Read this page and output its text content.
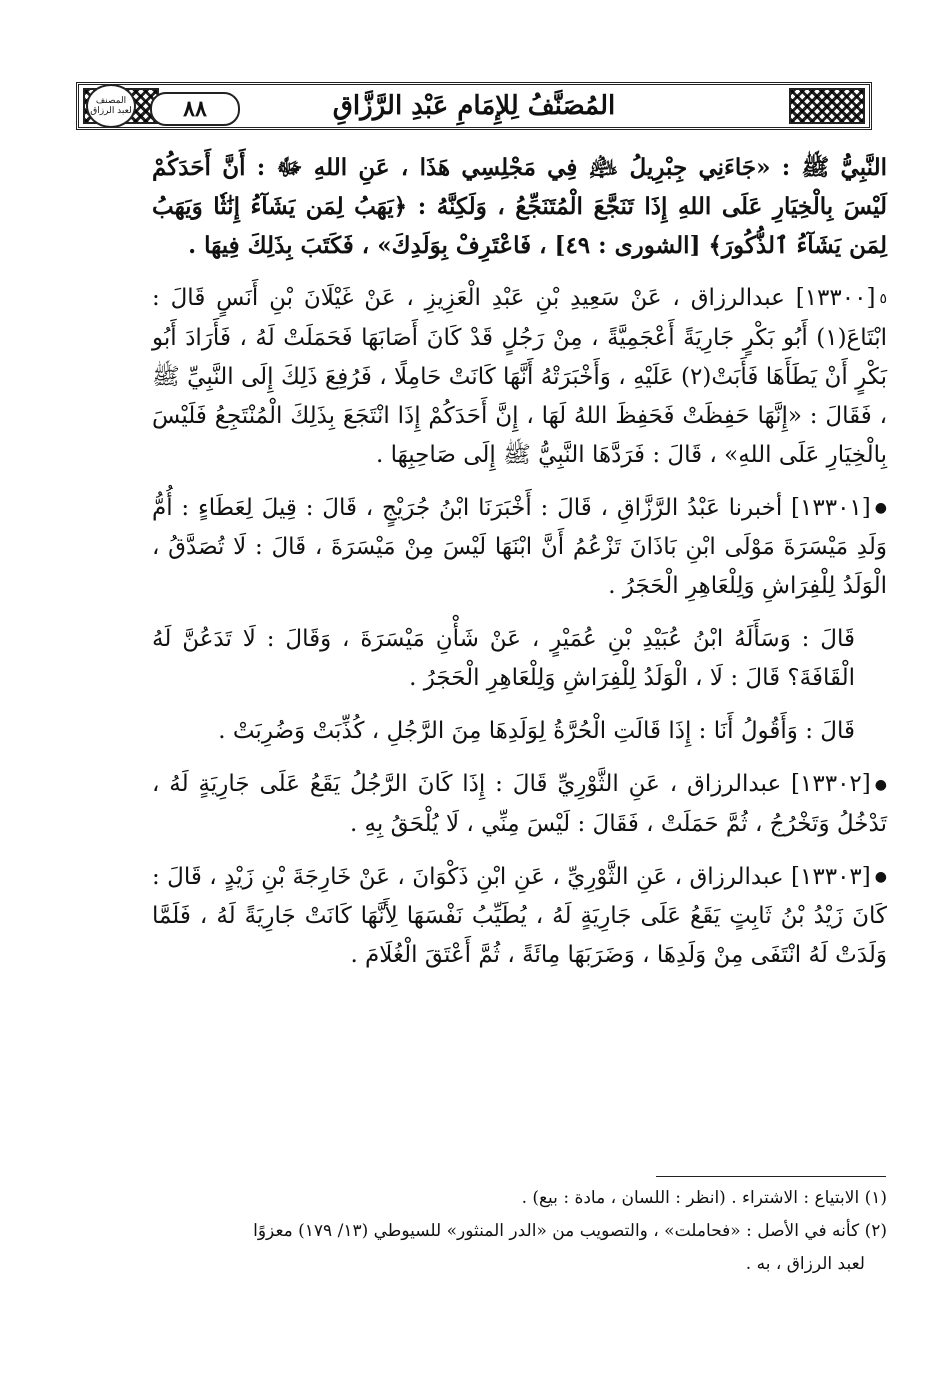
المُصَنَّفُ لِلإِمَامِ عَبْدِ الرَّزَّاقِ
المصنف لعبد الرزاق	٨٨

النَّبِيُّ ﷺ : «جَاءَنِي جِبْرِيلُ ﵇ فِي مَجْلِسِي هَذَا ، عَنِ اللهِ ﷻ : أَنَّ أَحَدَكُمْ لَيْسَ بِالْخِيَارِ عَلَى اللهِ إِذَا تَنَجَّعَ الْمُتَنَجِّعُ ، وَلَكِنَّهُ : ﴿يَهَبُ لِمَن يَشَآءُ إِنَٰثٗا وَيَهَبُ لِمَن يَشَآءُ ٱلذُّكُورَ﴾ [الشورى : ٤٩] ، فَاعْتَرِفْ بِوَلَدِكَ» ، فَكَتَبَ بِذَلِكَ فِيهَا .

٥[١٣٣٠٠] عبدالرزاق ، عَنْ سَعِيدِ بْنِ عَبْدِ الْعَزِيزِ ، عَنْ غَيْلَانَ بْنِ أَنَسٍ قَالَ : ابْتَاعَ(١) أَبُو بَكْرٍ جَارِيَةً أَعْجَمِيَّةً ، مِنْ رَجُلٍ قَدْ كَانَ أَصَابَهَا فَحَمَلَتْ لَهُ ، فَأَرَادَ أَبُو بَكْرٍ أَنْ يَطَأَهَا فَأَبَتْ(٢) عَلَيْهِ ، وَأَخْبَرَتْهُ أَنَّهَا كَانَتْ حَامِلًا ، فَرُفِعَ ذَلِكَ إِلَى النَّبِيِّ ﷺ ، فَقَالَ : «إِنَّهَا حَفِظَتْ فَحَفِظَ اللهُ لَهَا ، إِنَّ أَحَدَكُمْ إِذَا انْتَجَعَ بِذَلِكَ الْمُنْتَجِعُ فَلَيْسَ بِالْخِيَارِ عَلَى اللهِ» ، قَالَ : فَرَدَّهَا النَّبِيُّ ﷺ إِلَى صَاحِبِهَا .

●[١٣٣٠١] أخبرنا عَبْدُ الرَّزَّاقِ ، قَالَ : أَخْبَرَنَا ابْنُ جُرَيْجٍ ، قَالَ : قِيلَ لِعَطَاءٍ : أُمُّ وَلَدِ مَيْسَرَةَ مَوْلَى ابْنِ بَاذَانَ تَزْعُمُ أَنَّ ابْنَهَا لَيْسَ مِنْ مَيْسَرَةَ ، قَالَ : لَا تُصَدَّقُ ، الْوَلَدُ لِلْفِرَاشِ وَلِلْعَاهِرِ الْحَجَرُ .

قَالَ : وَسَأَلَهُ ابْنُ عُبَيْدِ بْنِ عُمَيْرٍ ، عَنْ شَأْنِ مَيْسَرَةَ ، وَقَالَ : لَا تَدَعُنَّ لَهُ الْقَافَةَ؟ قَالَ : لَا ، الْوَلَدُ لِلْفِرَاشِ وَلِلْعَاهِرِ الْحَجَرُ .

قَالَ : وَأَقُولُ أَنَا : إِذَا قَالَتِ الْحُرَّةُ لِوَلَدِهَا مِنَ الرَّجُلِ ، كُذِّبَتْ وَضُرِبَتْ .

●[١٣٣٠٢] عبدالرزاق ، عَنِ الثَّوْرِيِّ قَالَ : إِذَا كَانَ الرَّجُلُ يَقَعُ عَلَى جَارِيَةٍ لَهُ ، تَدْخُلُ وَتَخْرُجُ ، ثُمَّ حَمَلَتْ ، فَقَالَ : لَيْسَ مِنِّي ، لَا يُلْحَقُ بِهِ .

●[١٣٣٠٣] عبدالرزاق ، عَنِ الثَّوْرِيِّ ، عَنِ ابْنِ ذَكْوَانَ ، عَنْ خَارِجَةَ بْنِ زَيْدٍ ، قَالَ : كَانَ زَيْدُ بْنُ ثَابِتٍ يَقَعُ عَلَى جَارِيَةٍ لَهُ ، يُطَيِّبُ نَفْسَهَا لِأَنَّهَا كَانَتْ جَارِيَةً لَهُ ، فَلَمَّا وَلَدَتْ لَهُ انْتَفَى مِنْ وَلَدِهَا ، وَضَرَبَهَا مِائَةً ، ثُمَّ أَعْتَقَ الْغُلَامَ .

(١) الابتياع : الاشتراء . (انظر : اللسان ، مادة : بيع) .

(٢) كأنه في الأصل : «فحاملت» ، والتصويب من «الدر المنثور» للسيوطي (١٣/ ١٧٩) معزوًا

لعبد الرزاق ، به .
